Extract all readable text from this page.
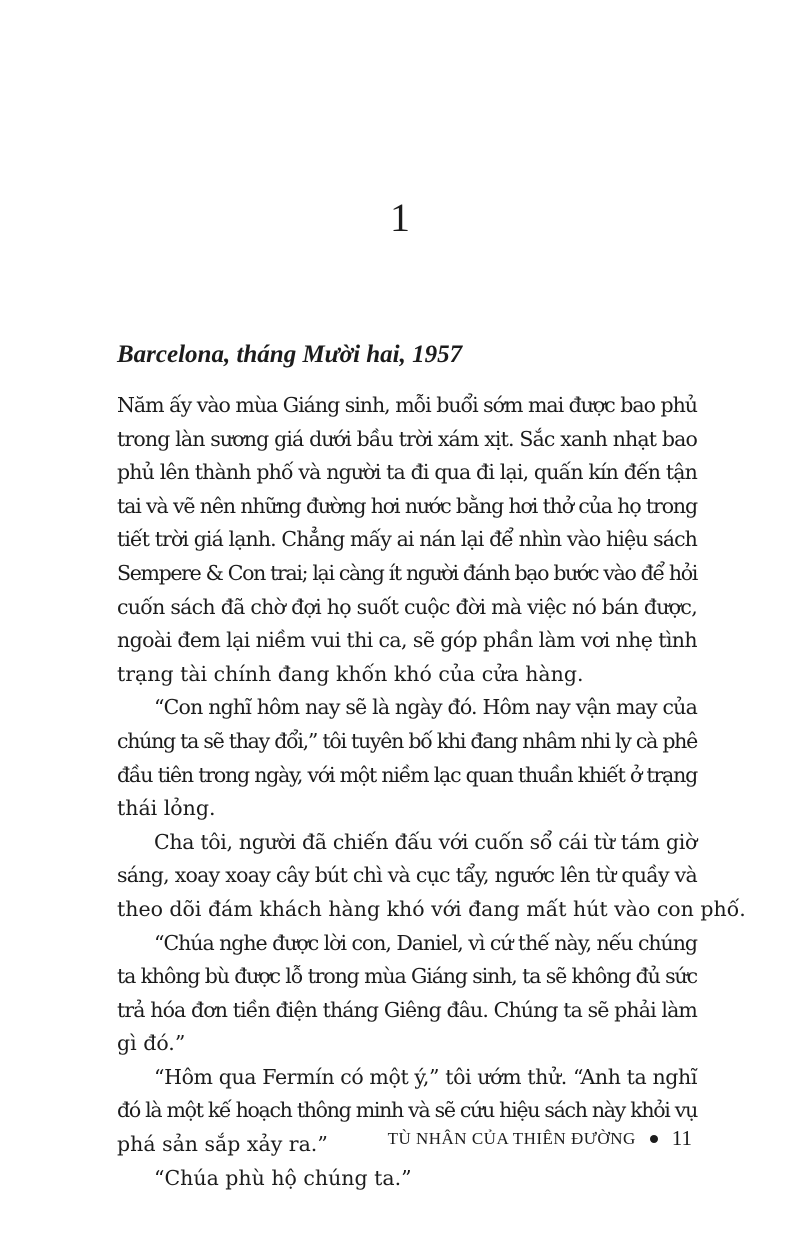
1
Barcelona, tháng Mười hai, 1957

Năm ấy vào mùa Giáng sinh, mỗi buổi sớm mai được bao phủ
trong làn sương giá dưới bầu trời xám xịt. Sắc xanh nhạt bao
phủ lên thành phố và người ta đi qua đi lại, quấn kín đến tận
tai và vẽ nên những đường hơi nước bằng hơi thở của họ trong
tiết trời giá lạnh. Chẳng mấy ai nán lại để nhìn vào hiệu sách
Sempere & Con trai; lại càng ít người đánh bạo bước vào để hỏi
cuốn sách đã chờ đợi họ suốt cuộc đời mà việc nó bán được,
ngoài đem lại niềm vui thi ca, sẽ góp phần làm vơi nhẹ tình
trạng tài chính đang khốn khó của cửa hàng.

“Con nghĩ hôm nay sẽ là ngày đó. Hôm nay vận may của
chúng ta sẽ thay đổi,” tôi tuyên bố khi đang nhâm nhi ly cà phê
đầu tiên trong ngày, với một niềm lạc quan thuần khiết ở trạng
thái lỏng.

Cha tôi, người đã chiến đấu với cuốn sổ cái từ tám giờ
sáng, xoay xoay cây bút chì và cục tẩy, ngước lên từ quầy và
theo dõi đám khách hàng khó với đang mất hút vào con phố.

“Chúa nghe được lời con, Daniel, vì cứ thế này, nếu chúng
ta không bù được lỗ trong mùa Giáng sinh, ta sẽ không đủ sức
trả hóa đơn tiền điện tháng Giêng đâu. Chúng ta sẽ phải làm
gì đó.”

“Hôm qua Fermín có một ý,” tôi ướm thử. “Anh ta nghĩ
đó là một kế hoạch thông minh và sẽ cứu hiệu sách này khỏi vụ
phá sản sắp xảy ra.”

“Chúa phù hộ chúng ta.”

TÙ NHÂN CỦA THIÊN ĐƯỜNG 11
